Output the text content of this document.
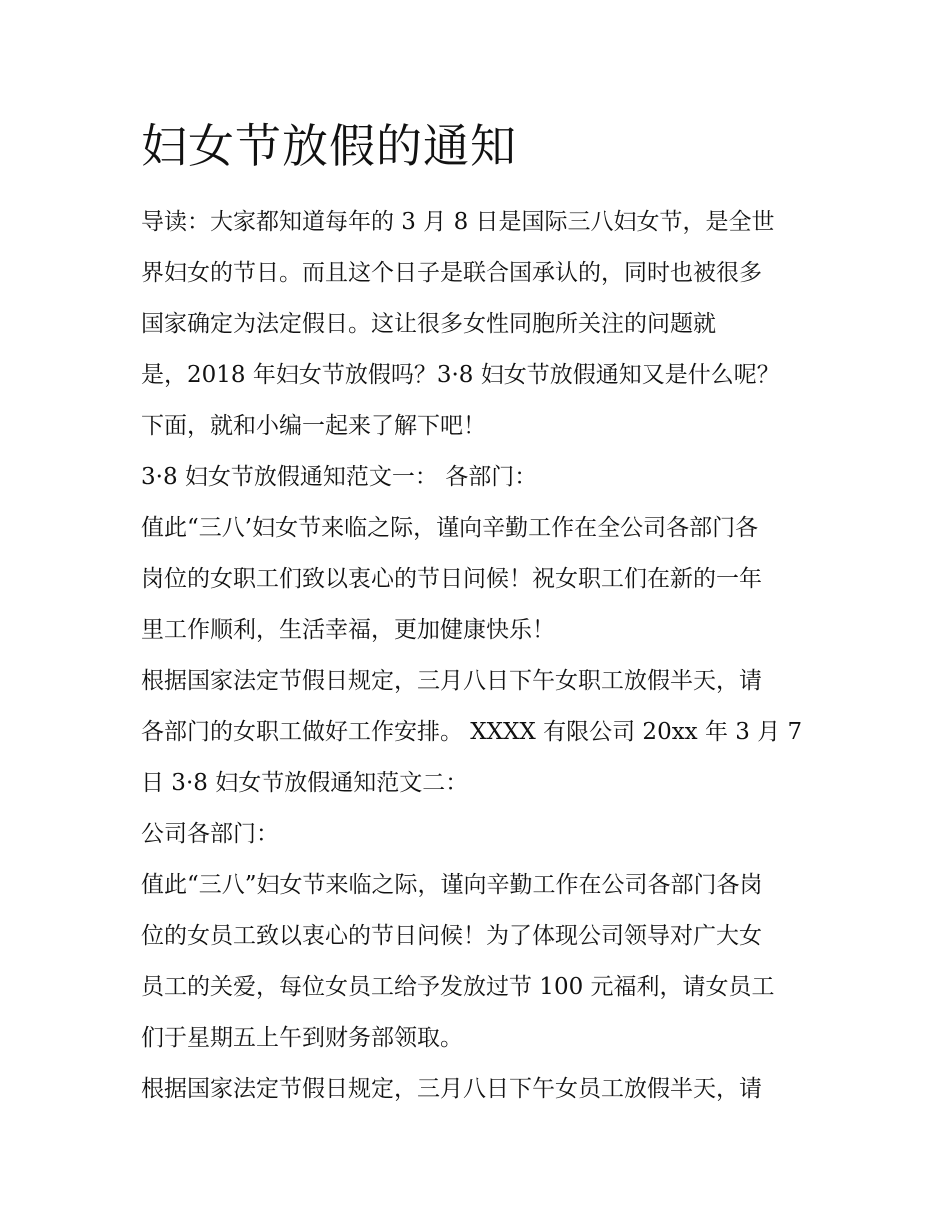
妇女节放假的通知
导读：大家都知道每年的 3 月 8 日是国际三八妇女节，是全世
界妇女的节日。而且这个日子是联合国承认的，同时也被很多
国家确定为法定假日。这让很多女性同胞所关注的问题就
是，2018 年妇女节放假吗？3·8 妇女节放假通知又是什么呢？
下面，就和小编一起来了解下吧！
3·8 妇女节放假通知范文一： 各部门：
值此“三八’妇女节来临之际，谨向辛勤工作在全公司各部门各
岗位的女职工们致以衷心的节日问候！祝女职工们在新的一年
里工作顺利，生活幸福，更加健康快乐！
根据国家法定节假日规定，三月八日下午女职工放假半天，请
各部门的女职工做好工作安排。 XXXX 有限公司 20xx 年 3 月 7
日 3·8 妇女节放假通知范文二：
公司各部门：
值此“三八”妇女节来临之际，谨向辛勤工作在公司各部门各岗
位的女员工致以衷心的节日问候！为了体现公司领导对广大女
员工的关爱，每位女员工给予发放过节 100 元福利，请女员工
们于星期五上午到财务部领取。
根据国家法定节假日规定，三月八日下午女员工放假半天，请
